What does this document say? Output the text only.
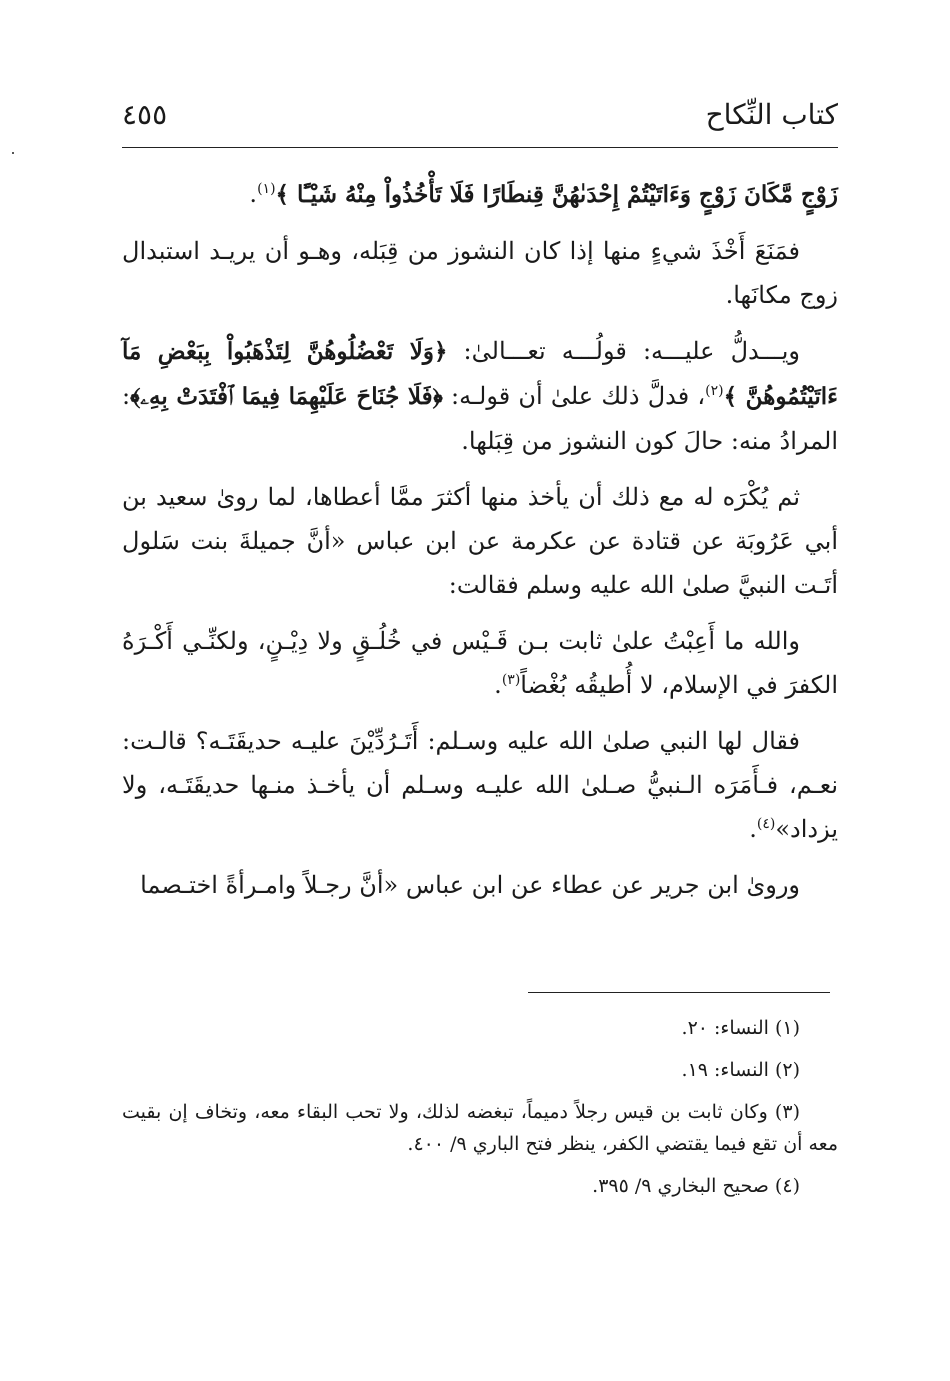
كتاب النِّكاح
٤٥٥

زَوْجٍ مَّكَانَ زَوْجٍ وَءَاتَيْتُمْ إِحْدَىٰهُنَّ قِنطَارًا فَلَا تَأْخُذُواْ مِنْهُ شَيْـًٔا ﴾$^{(١)}$.

فمَنَعَ أَخْذَ شيءٍ منها إذا كان النشوز من قِبَله، وهـو أن يريـد استبدال زوج مكانَها.

ويـــدلُّ عليـــه: قولُـــه تعـــالىٰ: ﴿وَلَا تَعْضُلُوهُنَّ لِتَذْهَبُواْ بِبَعْضِ مَآ ءَاتَيْتُمُوهُنَّ ﴾$^{(٢)}$، فدلَّ ذلك علىٰ أن قولـه: ﴿فَلَا جُنَاحَ عَلَيْهِمَا فِيمَا ٱفْتَدَتْ بِهِۦ﴾: المرادُ منه: حالَ كون النشوز من قِبَلها.

ثم يُكْرَه له مع ذلك أن يأخذ منها أكثرَ ممَّا أعطاها، لما روىٰ سعيد بن أبي عَرُوبَة عن قتادة عن عكرمة عن ابن عباس «أنَّ جميلةَ بنت سَلول أتَـت النبيَّ صلىٰ الله عليه وسلم فقالت:

والله ما أَعِبْتُ علىٰ ثابت بـن قَـيْس في خُلُـقٍ ولا دِيْـنٍ، ولكنِّـي أَكْـرَهُ الكفرَ في الإسلام، لا أُطيقُه بُغْضاً$^{(٣)}$.

فقال لها النبي صلىٰ الله عليه وسـلم: أَتَـرُدِّيْنَ عليـه حديقَتَـه؟ قالـت: نعـم، فـأَمَرَه الـنبيُّ صـلىٰ الله عليـه وسـلم أن يأخـذ منـها حديقَتَـه، ولا يزداد»$^{(٤)}$.

وروىٰ ابن جرير عن عطاء عن ابن عباس «أنَّ رجـلاً وامـرأةً اختـصما

(١) النساء: ٢٠.

(٢) النساء: ١٩.

(٣) وكان ثابت بن قيس رجلاً دميماً، تبغضه لذلك، ولا تحب البقاء معه، وتخاف إن بقيت معه أن تقع فيما يقتضي الكفر، ينظر فتح الباري ٩/ ٤٠٠.

(٤) صحيح البخاري ٩/ ٣٩٥.
